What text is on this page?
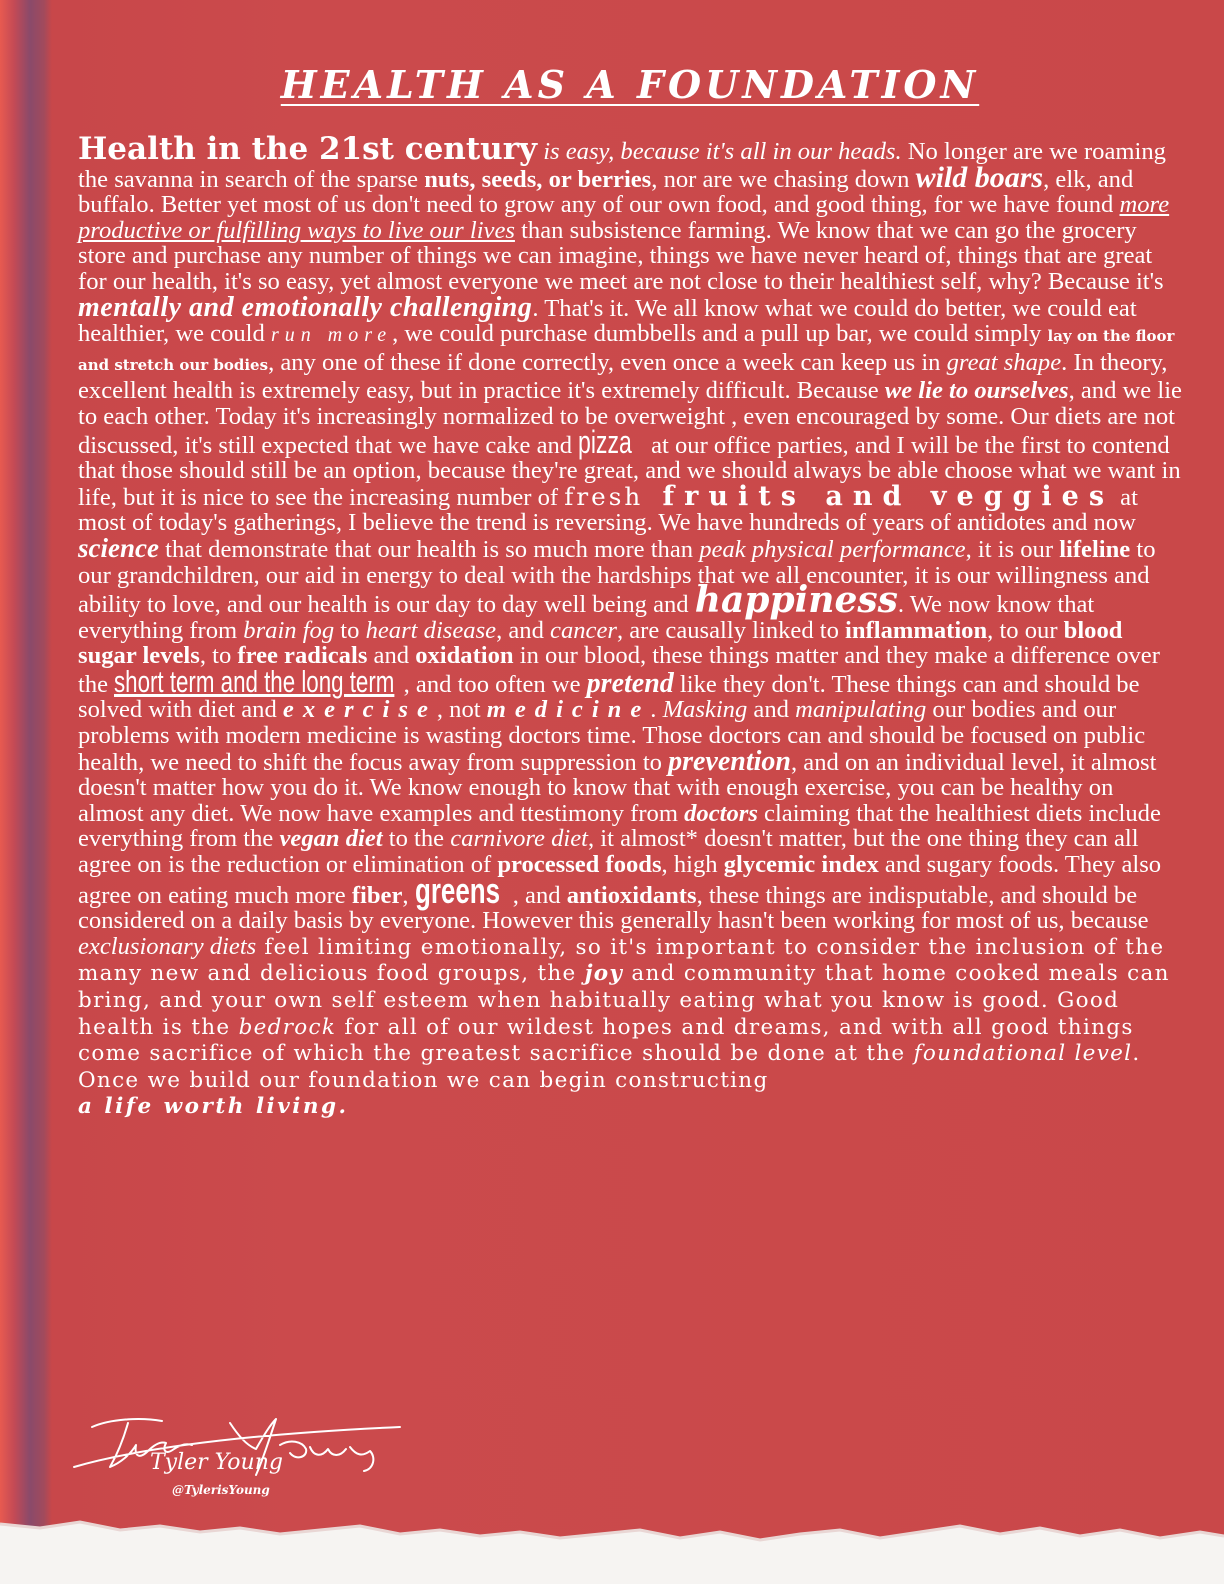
HEALTH AS A FOUNDATION

Health in the 21st century is easy, because it's all in our heads. No longer are we roaming the savanna in search of the sparse nuts, seeds, or berries, nor are we chasing down wild boars, elk, and buffalo. Better yet most of us don't need to grow any of our own food, and good thing, for we have found more productive or fulfilling ways to live our lives than subsistence farming. We know that we can go the grocery store and purchase any number of things we can imagine, things we have never heard of, things that are great for our health, it's so easy, yet almost everyone we meet are not close to their healthiest self, why? Because it's mentally and emotionally challenging. That's it. We all know what we could do better, we could eat healthier, we could run more, we could purchase dumbbells and a pull up bar, we could simply lay on the floor and stretch our bodies, any one of these if done correctly, even once a week can keep us in great shape. In theory, excellent health is extremely easy, but in practice it's extremely difficult. Because we lie to ourselves, and we lie to each other. Today it's increasingly normalized to be overweight , even encouraged by some. Our diets are not discussed, it's still expected that we have cake and pizza at our office parties, and I will be the first to contend that those should still be an option, because they're great, and we should always be able choose what we want in life, but it is nice to see the increasing number of fresh fruits and veggies at most of today's gatherings, I believe the trend is reversing. We have hundreds of years of antidotes and now science that demonstrate that our health is so much more than peak physical performance, it is our lifeline to our grandchildren, our aid in energy to deal with the hardships that we all encounter, it is our willingness and ability to love, and our health is our day to day well being and happiness. We now know that everything from brain fog to heart disease, and cancer, are causally linked to inflammation, to our blood sugar levels, to free radicals and oxidation in our blood, these things matter and they make a difference over the short term and the long term , and too often we pretend like they don't. These things can and should be solved with diet and exercise, not medicine. Masking and manipulating our bodies and our problems with modern medicine is wasting doctors time. Those doctors can and should be focused on public health, we need to shift the focus away from suppression to prevention, and on an individual level, it almost doesn't matter how you do it. We know enough to know that with enough exercise, you can be healthy on almost any diet. We now have examples and ttestimony from doctors claiming that the healthiest diets include everything from the vegan diet to the carnivore diet, it almost* doesn't matter, but the one thing they can all agree on is the reduction or elimination of processed foods, high glycemic index and sugary foods. They also agree on eating much more fiber, greens , and antioxidants, these things are indisputable, and should be considered on a daily basis by everyone. However this generally hasn't been working for most of us, because exclusionary diets feel limiting emotionally, so it's important to consider the inclusion of the many new and delicious food groups, the joy and community that home cooked meals can bring, and your own self esteem when habitually eating what you know is good. Good health is the bedrock for all of our wildest hopes and dreams, and with all good things come sacrifice of which the greatest sacrifice should be done at the foundational level. Once we build our foundation we can begin constructing
a life worth living.

Tyler Young
@TylerisYoung
